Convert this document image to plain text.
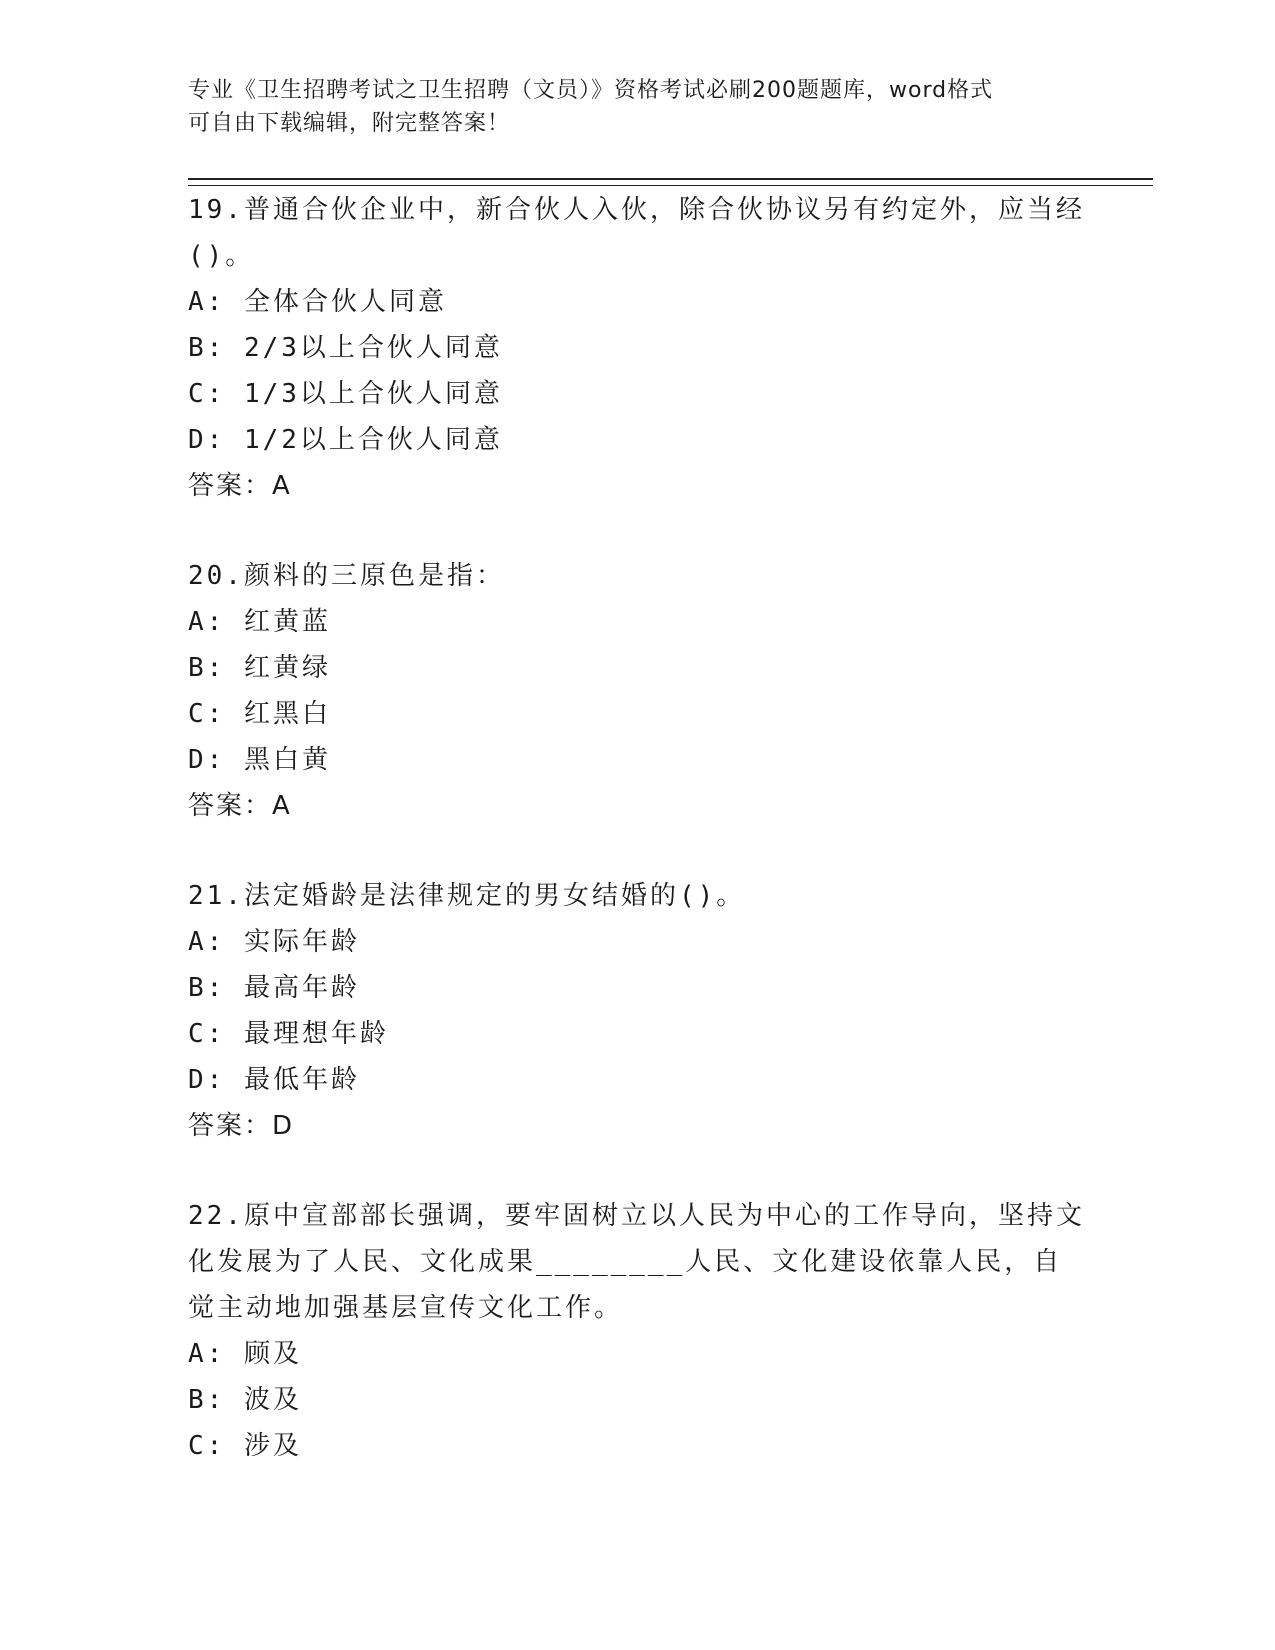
专业《卫生招聘考试之卫生招聘（文员）》资格考试必刷200题题库，word格式
可自由下载编辑，附完整答案！
19.普通合伙企业中，新合伙人入伙，除合伙协议另有约定外，应当经()。
A: 全体合伙人同意
B: 2/3以上合伙人同意
C: 1/3以上合伙人同意
D: 1/2以上合伙人同意
答案：A
20.颜料的三原色是指：
A: 红黄蓝
B: 红黄绿
C: 红黑白
D: 黑白黄
答案：A
21.法定婚龄是法律规定的男女结婚的()。
A: 实际年龄
B: 最高年龄
C: 最理想年龄
D: 最低年龄
答案：D
22.原中宣部部长强调，要牢固树立以人民为中心的工作导向，坚持文化发展为了人民、文化成果________人民、文化建设依靠人民，自觉主动地加强基层宣传文化工作。
A: 顾及
B: 波及
C: 涉及
